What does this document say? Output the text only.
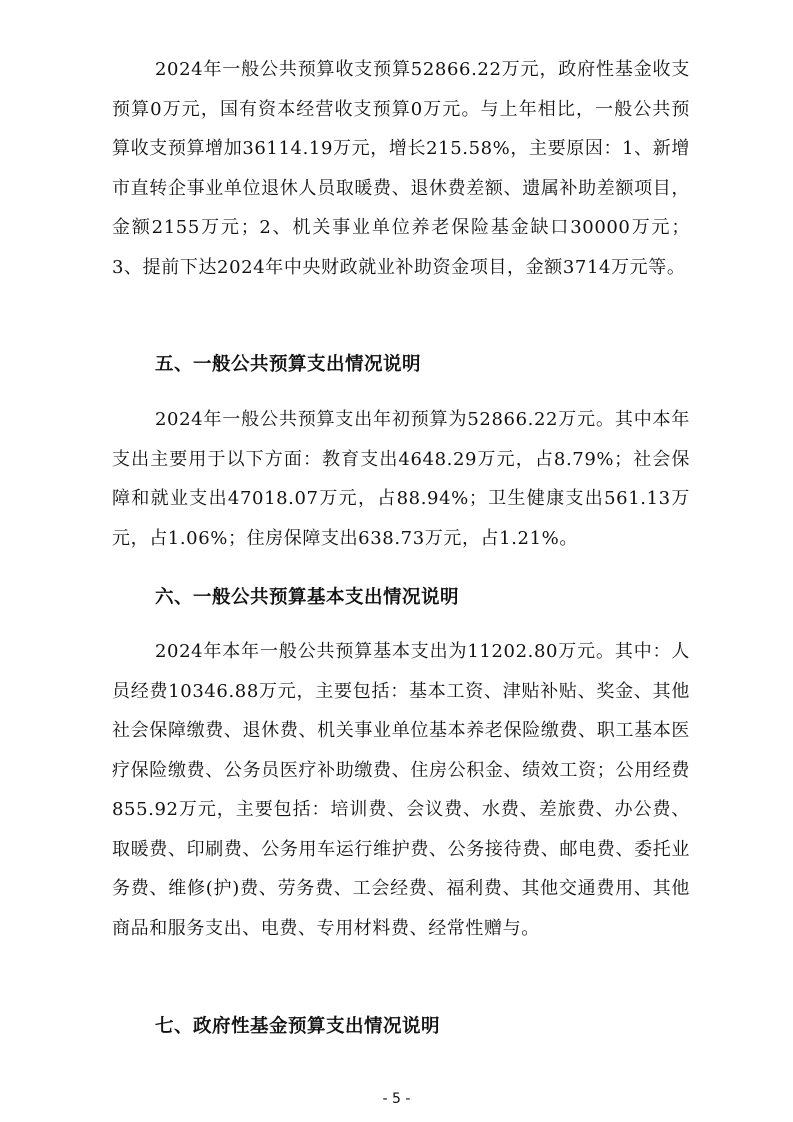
2024年一般公共预算收支预算52866.22万元，政府性基金收支预算0万元，国有资本经营收支预算0万元。与上年相比，一般公共预算收支预算增加36114.19万元，增长215.58%，主要原因：1、新增市直转企事业单位退休人员取暖费、退休费差额、遗属补助差额项目，金额2155万元；2、机关事业单位养老保险基金缺口30000万元；3、提前下达2024年中央财政就业补助资金项目，金额3714万元等。

五、一般公共预算支出情况说明

2024年一般公共预算支出年初预算为52866.22万元。其中本年支出主要用于以下方面：教育支出4648.29万元，占8.79%；社会保障和就业支出47018.07万元，占88.94%；卫生健康支出561.13万元，占1.06%；住房保障支出638.73万元，占1.21%。

六、一般公共预算基本支出情况说明

2024年本年一般公共预算基本支出为11202.80万元。其中：人员经费10346.88万元，主要包括：基本工资、津贴补贴、奖金、其他社会保障缴费、退休费、机关事业单位基本养老保险缴费、职工基本医疗保险缴费、公务员医疗补助缴费、住房公积金、绩效工资；公用经费855.92万元，主要包括：培训费、会议费、水费、差旅费、办公费、取暖费、印刷费、公务用车运行维护费、公务接待费、邮电费、委托业务费、维修(护)费、劳务费、工会经费、福利费、其他交通费用、其他商品和服务支出、电费、专用材料费、经常性赠与。

七、政府性基金预算支出情况说明
- 5 -
